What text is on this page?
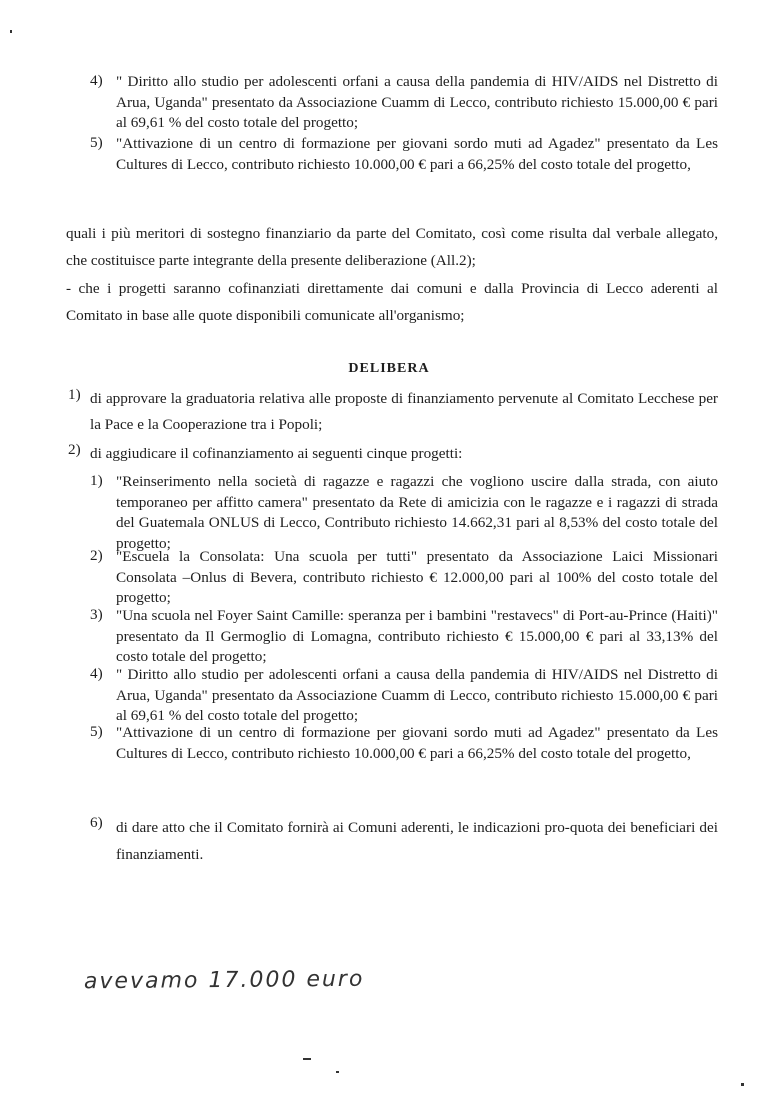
4) " Diritto allo studio per adolescenti orfani a causa della pandemia di HIV/AIDS nel Distretto di Arua, Uganda" presentato da Associazione Cuamm di Lecco, contributo richiesto 15.000,00 € pari al 69,61 % del costo totale del progetto;
5) "Attivazione di un centro di formazione per giovani sordo muti ad Agadez" presentato da Les Cultures di Lecco, contributo richiesto 10.000,00 € pari a 66,25% del costo totale del progetto,
quali i più meritori di sostegno finanziario da parte del Comitato, così come risulta dal verbale allegato, che costituisce parte integrante della presente deliberazione (All.2);
- che i progetti saranno cofinanziati direttamente dai comuni e dalla Provincia di Lecco aderenti al Comitato in base alle quote disponibili comunicate all'organismo;
DELIBERA
1) di approvare la graduatoria relativa alle proposte di finanziamento pervenute al Comitato Lecchese per la Pace e la Cooperazione tra i Popoli;
2) di aggiudicare il cofinanziamento ai seguenti cinque progetti:
1) "Reinserimento nella società di ragazze e ragazzi che vogliono uscire dalla strada, con aiuto temporaneo per affitto camera" presentato da Rete di amicizia con le ragazze e i ragazzi di strada del Guatemala ONLUS di Lecco, Contributo richiesto 14.662,31 pari al 8,53% del costo totale del progetto;
2) "Escuela la Consolata: Una scuola per tutti" presentato da Associazione Laici Missionari Consolata –Onlus di Bevera, contributo richiesto € 12.000,00 pari al 100% del costo totale del progetto;
3) "Una scuola nel Foyer Saint Camille: speranza per i bambini "restavecs" di Port-au-Prince (Haiti)" presentato da Il Germoglio di Lomagna, contributo richiesto € 15.000,00 € pari al 33,13% del costo totale del progetto;
4) " Diritto allo studio per adolescenti orfani a causa della pandemia di HIV/AIDS nel Distretto di Arua, Uganda" presentato da Associazione Cuamm di Lecco, contributo richiesto 15.000,00 € pari al 69,61 % del costo totale del progetto;
5) "Attivazione di un centro di formazione per giovani sordo muti ad Agadez" presentato da Les Cultures di Lecco, contributo richiesto 10.000,00 € pari a 66,25% del costo totale del progetto,
6) di dare atto che il Comitato fornirà ai Comuni aderenti, le indicazioni pro-quota dei beneficiari dei finanziamenti.
avevamo 17.000 euro
